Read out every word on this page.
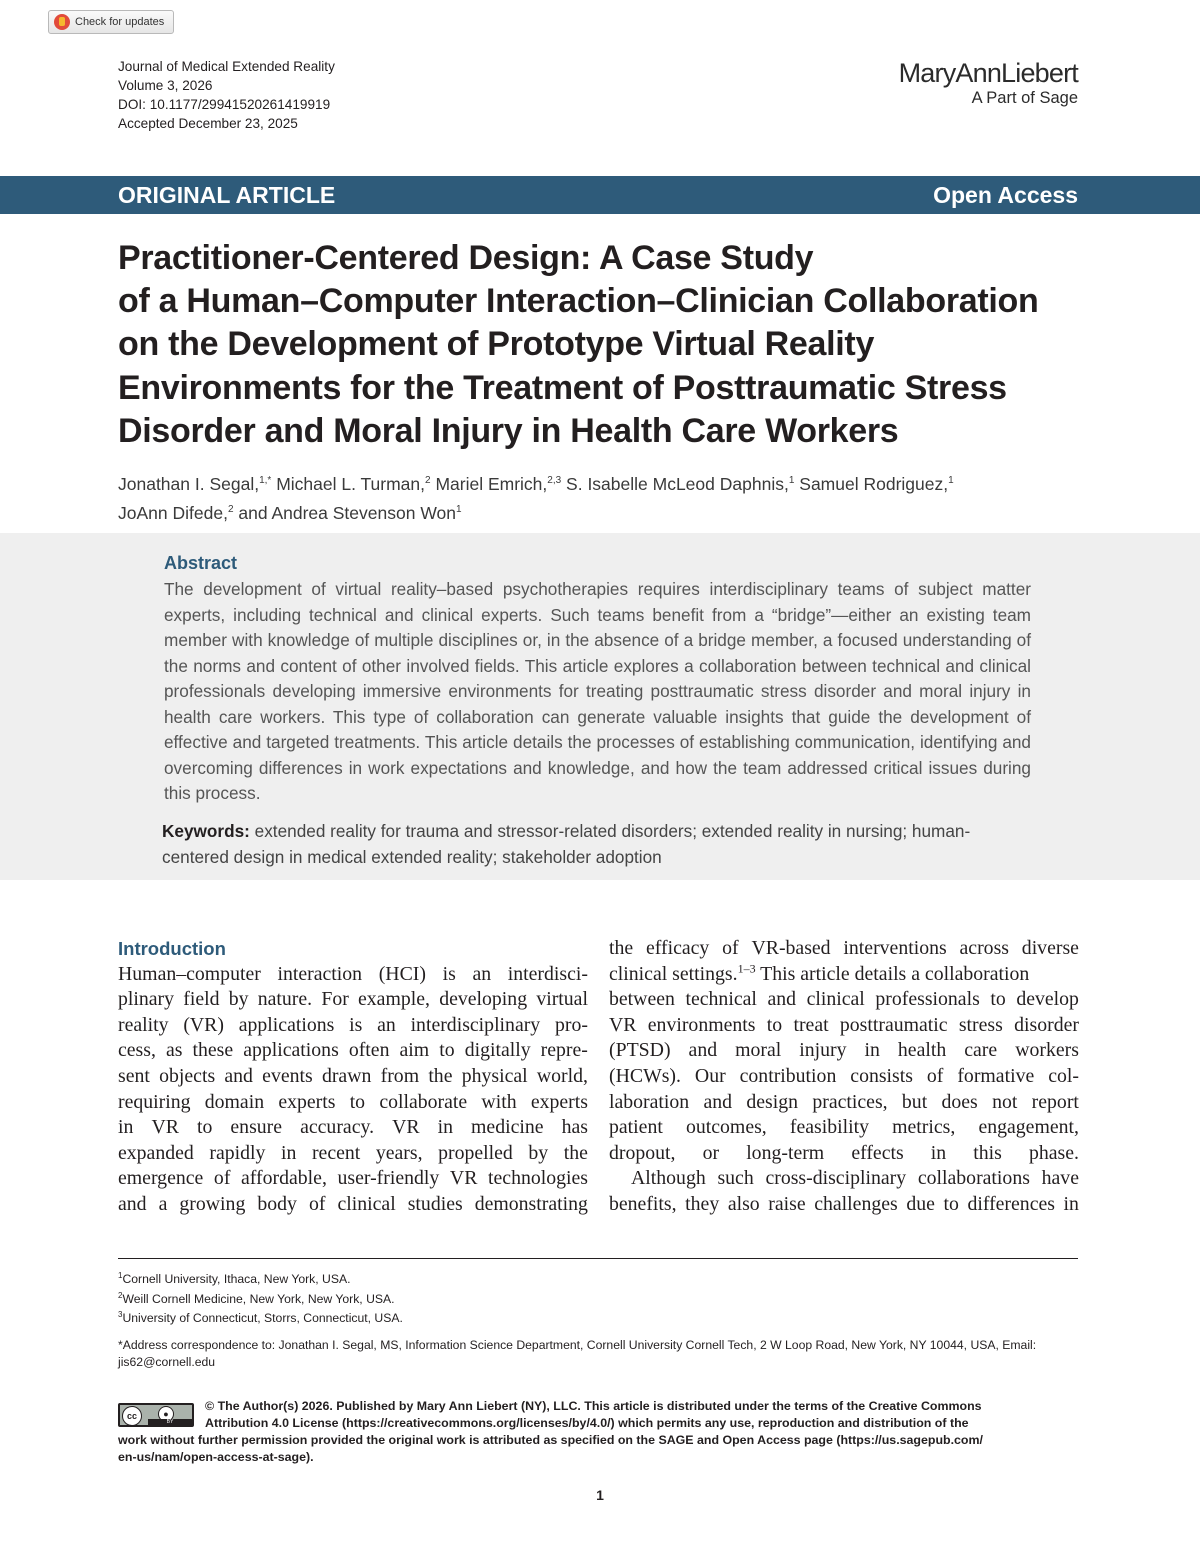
Check for updates
Journal of Medical Extended Reality
Volume 3, 2026
DOI: 10.1177/29941520261419919
Accepted December 23, 2025
MaryAnnLiebert
A Part of Sage
ORIGINAL ARTICLE	Open Access
Practitioner-Centered Design: A Case Study
of a Human–Computer Interaction–Clinician Collaboration
on the Development of Prototype Virtual Reality
Environments for the Treatment of Posttraumatic Stress
Disorder and Moral Injury in Health Care Workers
Jonathan I. Segal,$^{1,*}$ Michael L. Turman,$^2$ Mariel Emrich,$^{2,3}$ S. Isabelle McLeod Daphnis,$^1$ Samuel Rodriguez,$^1$
JoAnn Difede,$^2$ and Andrea Stevenson Won$^1$
Abstract

The development of virtual reality–based psychotherapies requires interdisciplinary teams of subject matter experts, including technical and clinical experts. Such teams benefit from a “bridge”—either an existing team member with knowledge of multiple disciplines or, in the absence of a bridge member, a focused understanding of the norms and content of other involved fields. This article explores a collaboration between technical and clinical professionals developing immersive environments for treating posttraumatic stress disorder and moral injury in health care workers. This type of collaboration can generate valuable insights that guide the development of effective and targeted treatments. This article details the processes of establishing communication, identifying and overcoming differences in work expectations and knowledge, and how the team addressed critical issues during this process.

Keywords: extended reality for trauma and stressor-related disorders; extended reality in nursing; human-centered design in medical extended reality; stakeholder adoption

Introduction
Human–computer interaction (HCI) is an interdisci-
plinary field by nature. For example, developing virtual
reality (VR) applications is an interdisciplinary pro-
cess, as these applications often aim to digitally repre-
sent objects and events drawn from the physical world,
requiring domain experts to collaborate with experts
in VR to ensure accuracy. VR in medicine has
expanded rapidly in recent years, propelled by the
emergence of affordable, user-friendly VR technologies
and a growing body of clinical studies demonstrating
the efficacy of VR-based interventions across diverse
clinical settings.$^{1-3}$ This article details a collaboration
between technical and clinical professionals to develop
VR environments to treat posttraumatic stress disorder
(PTSD) and moral injury in health care workers
(HCWs). Our contribution consists of formative col-
laboration and design practices, but does not report
patient outcomes, feasibility metrics, engagement,
dropout, or long-term effects in this phase.
Although such cross-disciplinary collaborations have
benefits, they also raise challenges due to differences in
$^1$Cornell University, Ithaca, New York, USA.
$^2$Weill Cornell Medicine, New York, New York, USA.
$^3$University of Connecticut, Storrs, Connecticut, USA.

*Address correspondence to: Jonathan I. Segal, MS, Information Science Department, Cornell University Cornell Tech, 2 W Loop Road, New York, NY 10044, USA, Email: jis62@cornell.edu

cc	●
BY
© The Author(s) 2026. Published by Mary Ann Liebert (NY), LLC. This article is distributed under the terms of the Creative Commons
Attribution 4.0 License (https://creativecommons.org/licenses/by/4.0/) which permits any use, reproduction and distribution of the
work without further permission provided the original work is attributed as specified on the SAGE and Open Access page (https://us.sagepub.com/
en-us/nam/open-access-at-sage).
1
